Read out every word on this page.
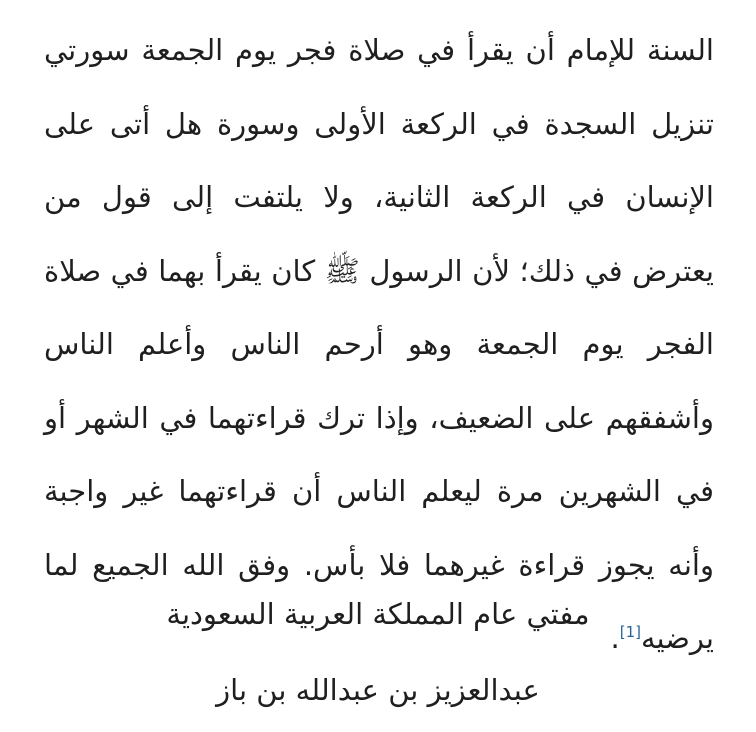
السنة للإمام أن يقرأ في صلاة فجر يوم الجمعة سورتي تنزيل السجدة في الركعة الأولى وسورة هل أتى على الإنسان في الركعة الثانية، ولا يلتفت إلى قول من يعترض في ذلك؛ لأن الرسول ﷺ كان يقرأ بهما في صلاة الفجر يوم الجمعة وهو أرحم الناس وأعلم الناس وأشفقهم على الضعيف، وإذا ترك قراءتهما في الشهر أو في الشهرين مرة ليعلم الناس أن قراءتهما غير واجبة وأنه يجوز قراءة غيرهما فلا بأس. وفق الله الجميع لما يرضيه[1].

مفتي عام المملكة العربية السعودية

عبدالعزيز بن عبدالله بن باز
